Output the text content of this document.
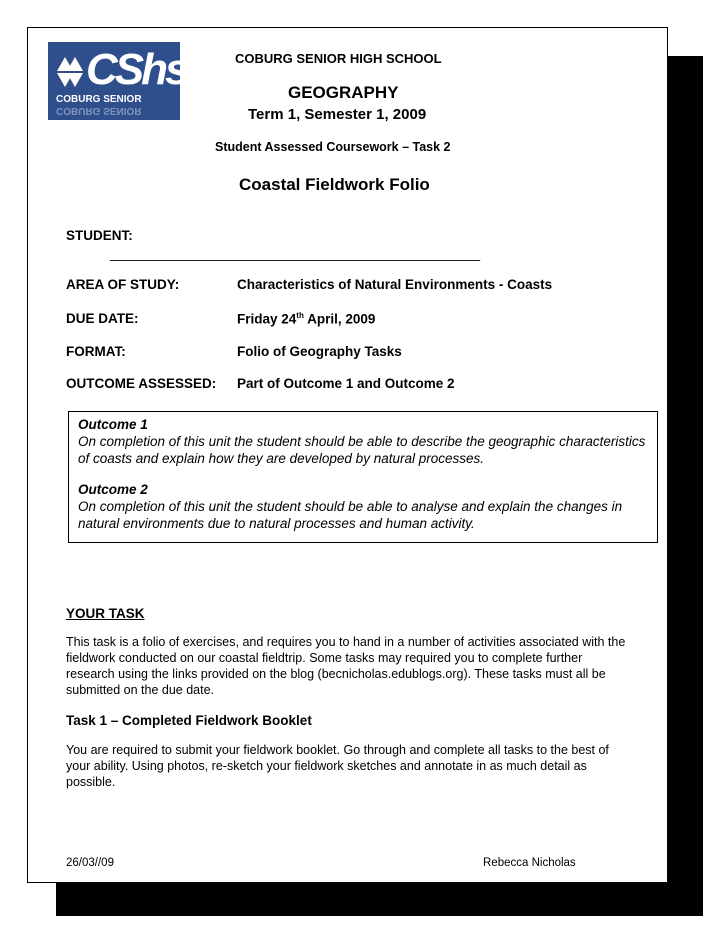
CShs
COBURG SENIOR
COBURG SENIOR
COBURG SENIOR HIGH SCHOOL
GEOGRAPHY
Term 1, Semester 1, 2009
Student Assessed Coursework – Task 2
Coastal Fieldwork Folio
STUDENT:
____________________________________________________
AREA OF STUDY:	Characteristics of Natural Environments - Coasts
DUE DATE:	Friday 24th April, 2009
FORMAT:	Folio of Geography Tasks
OUTCOME ASSESSED: Part of Outcome 1 and Outcome 2
Outcome 1
On completion of this unit the student should be able to describe the geographic characteristics of coasts and explain how they are developed by natural processes.
Outcome 2
On completion of this unit the student should be able to analyse and explain the changes in natural environments due to natural processes and human activity.
YOUR TASK
This task is a folio of exercises, and requires you to hand in a number of activities associated with the fieldwork conducted on our coastal fieldtrip. Some tasks may required you to complete further research using the links provided on the blog (becnicholas.edublogs.org). These tasks must all be submitted on the due date.
Task 1 – Completed Fieldwork Booklet
You are required to submit your fieldwork booklet. Go through and complete all tasks to the best of your ability. Using photos, re-sketch your fieldwork sketches and annotate in as much detail as possible.
26/03//09	Rebecca Nicholas
